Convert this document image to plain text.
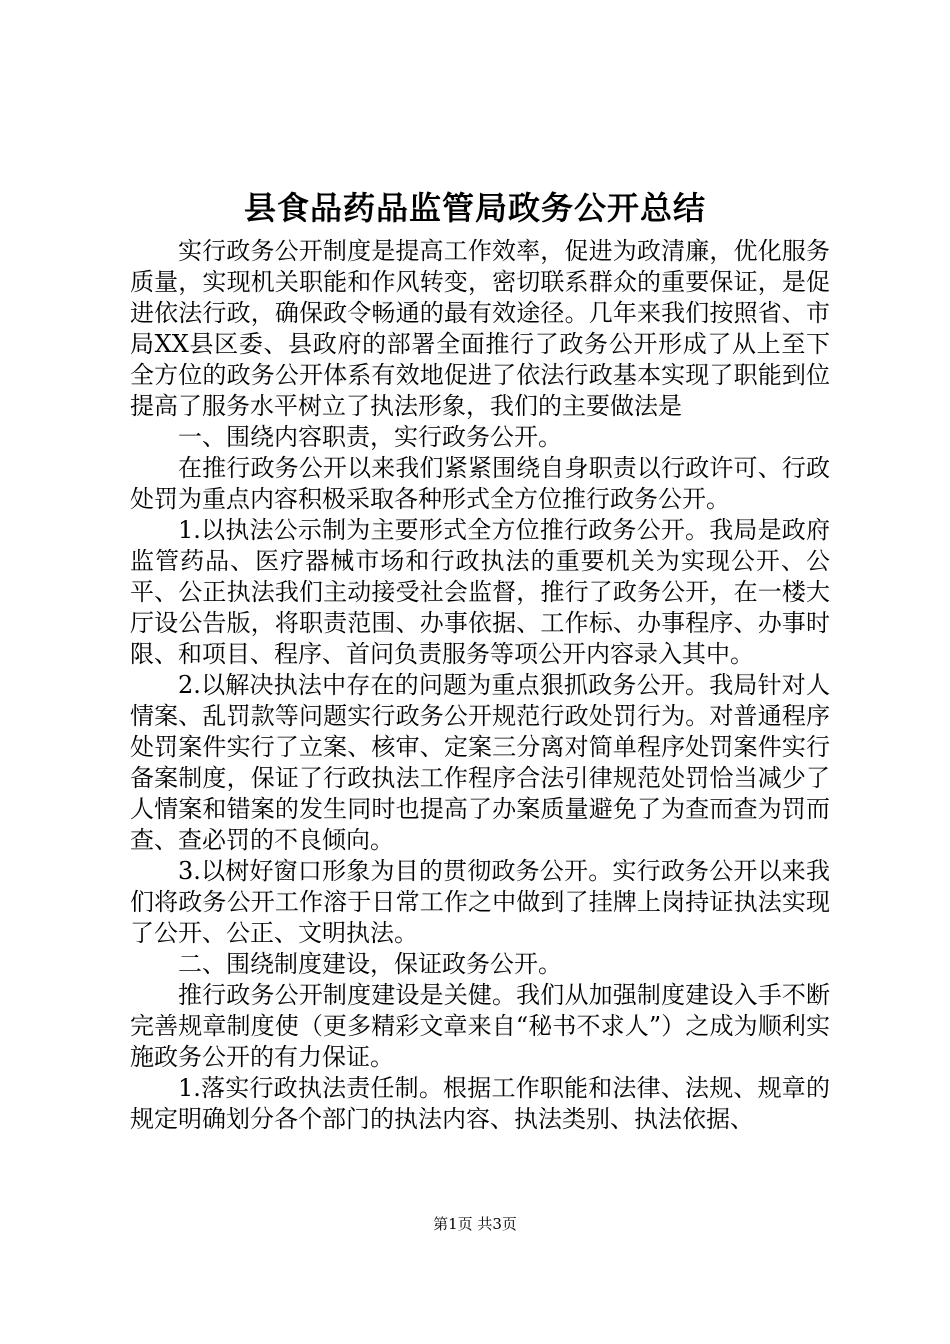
县食品药品监管局政务公开总结

实行政务公开制度是提高工作效率，促进为政清廉，优化服务质量，实现机关职能和作风转变，密切联系群众的重要保证，是促进依法行政，确保政令畅通的最有效途径。几年来我们按照省、市局XX县区委、县政府的部署全面推行了政务公开形成了从上至下全方位的政务公开体系有效地促进了依法行政基本实现了职能到位提高了服务水平树立了执法形象，我们的主要做法是

一、围绕内容职责，实行政务公开。

在推行政务公开以来我们紧紧围绕自身职责以行政许可、行政处罚为重点内容积极采取各种形式全方位推行政务公开。

1.以执法公示制为主要形式全方位推行政务公开。我局是政府监管药品、医疗器械市场和行政执法的重要机关为实现公开、公平、公正执法我们主动接受社会监督，推行了政务公开，在一楼大厅设公告版，将职责范围、办事依据、工作标、办事程序、办事时限、和项目、程序、首问负责服务等项公开内容录入其中。

2.以解决执法中存在的问题为重点狠抓政务公开。我局针对人情案、乱罚款等问题实行政务公开规范行政处罚行为。对普通程序处罚案件实行了立案、核审、定案三分离对简单程序处罚案件实行备案制度，保证了行政执法工作程序合法引律规范处罚恰当减少了人情案和错案的发生同时也提高了办案质量避免了为查而查为罚而查、查必罚的不良倾向。

3.以树好窗口形象为目的贯彻政务公开。实行政务公开以来我们将政务公开工作溶于日常工作之中做到了挂牌上岗持证执法实现了公开、公正、文明执法。

二、围绕制度建设，保证政务公开。

推行政务公开制度建设是关健。我们从加强制度建设入手不断完善规章制度使（更多精彩文章来自“秘书不求人”）之成为顺利实施政务公开的有力保证。

1.落实行政执法责任制。根据工作职能和法律、法规、规章的规定明确划分各个部门的执法内容、执法类别、执法依据、

第1页 共3页
